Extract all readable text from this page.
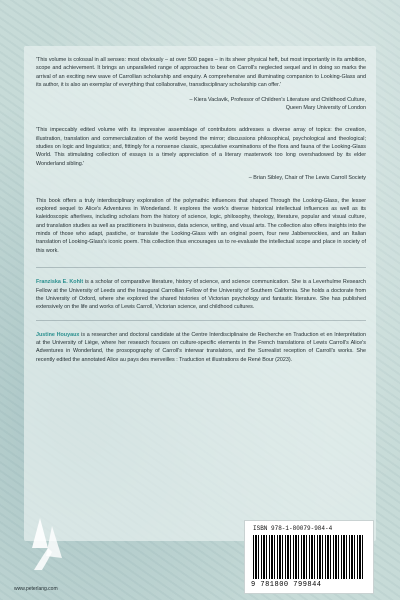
'This volume is colossal in all senses: most obviously – at over 500 pages – in its sheer physical heft, but most importantly in its ambition, scope and achievement. It brings an unparalleled range of approaches to bear on Carroll's neglected sequel and in doing so marks the arrival of an exciting new wave of Carrollian scholarship and enquiry. A comprehensive and illuminating companion to Looking-Glass and its author, it is also an exemplar of everything that collaborative, transdisciplinary scholarship can offer.'

– Kiera Vaclavik, Professor of Children's Literature and Childhood Culture,
Queen Mary University of London

'This impeccably edited volume with its impressive assemblage of contributors addresses a diverse array of topics: the creation, illustration, translation and commercialization of the world beyond the mirror; discussions philosophical, psychological and theological; studies on logic and linguistics; and, fittingly for a nonsense classic, speculative examinations of the flora and fauna of the Looking-Glass World. This stimulating collection of essays is a timely appreciation of a literary masterwork too long overshadowed by its elder Wonderland sibling.'

– Brian Sibley, Chair of The Lewis Carroll Society

This book offers a truly interdisciplinary exploration of the polymathic influences that shaped Through the Looking-Glass, the lesser explored sequel to Alice's Adventures in Wonderland. It explores the work's diverse historical intellectual influences as well as its kaleidoscopic afterlives, including scholars from the history of science, logic, philosophy, theology, literature, popular and visual culture, and translation studies as well as practitioners in business, data science, writing, and visual arts. The collection also offers insights into the minds of those who adapt, pastiche, or translate the Looking-Glass with an original poem, four new Jabberwockies, and an Italian translation of Looking-Glass's iconic poem. This collection thus encourages us to re-evaluate the intellectual scope and place in society of this work.

Franziska E. Kohlt is a scholar of comparative literature, history of science, and science communication. She is a Leverhulme Research Fellow at the University of Leeds and the Inaugural Carrollian Fellow of the University of Southern California. She holds a doctorate from the University of Oxford, where she explored the shared histories of Victorian psychology and fantastic literature. She has published extensively on the life and works of Lewis Carroll, Victorian science, and childhood cultures.

Justine Houyaux is a researcher and doctoral candidate at the Centre Interdisciplinaire de Recherche en Traduction et en Interprétation at the University of Liège, where her research focuses on culture-specific elements in the French translations of Lewis Carroll's Alice's Adventures in Wonderland, the prosopography of Carroll's interwar translators, and the Surrealist reception of Carroll's works. She recently edited the annotated Alice au pays des merveilles : Traduction et illustrations de René Bour (2023).

www.peterlang.com
ISBN 978-1-80079-984-4
9 781800 799844
